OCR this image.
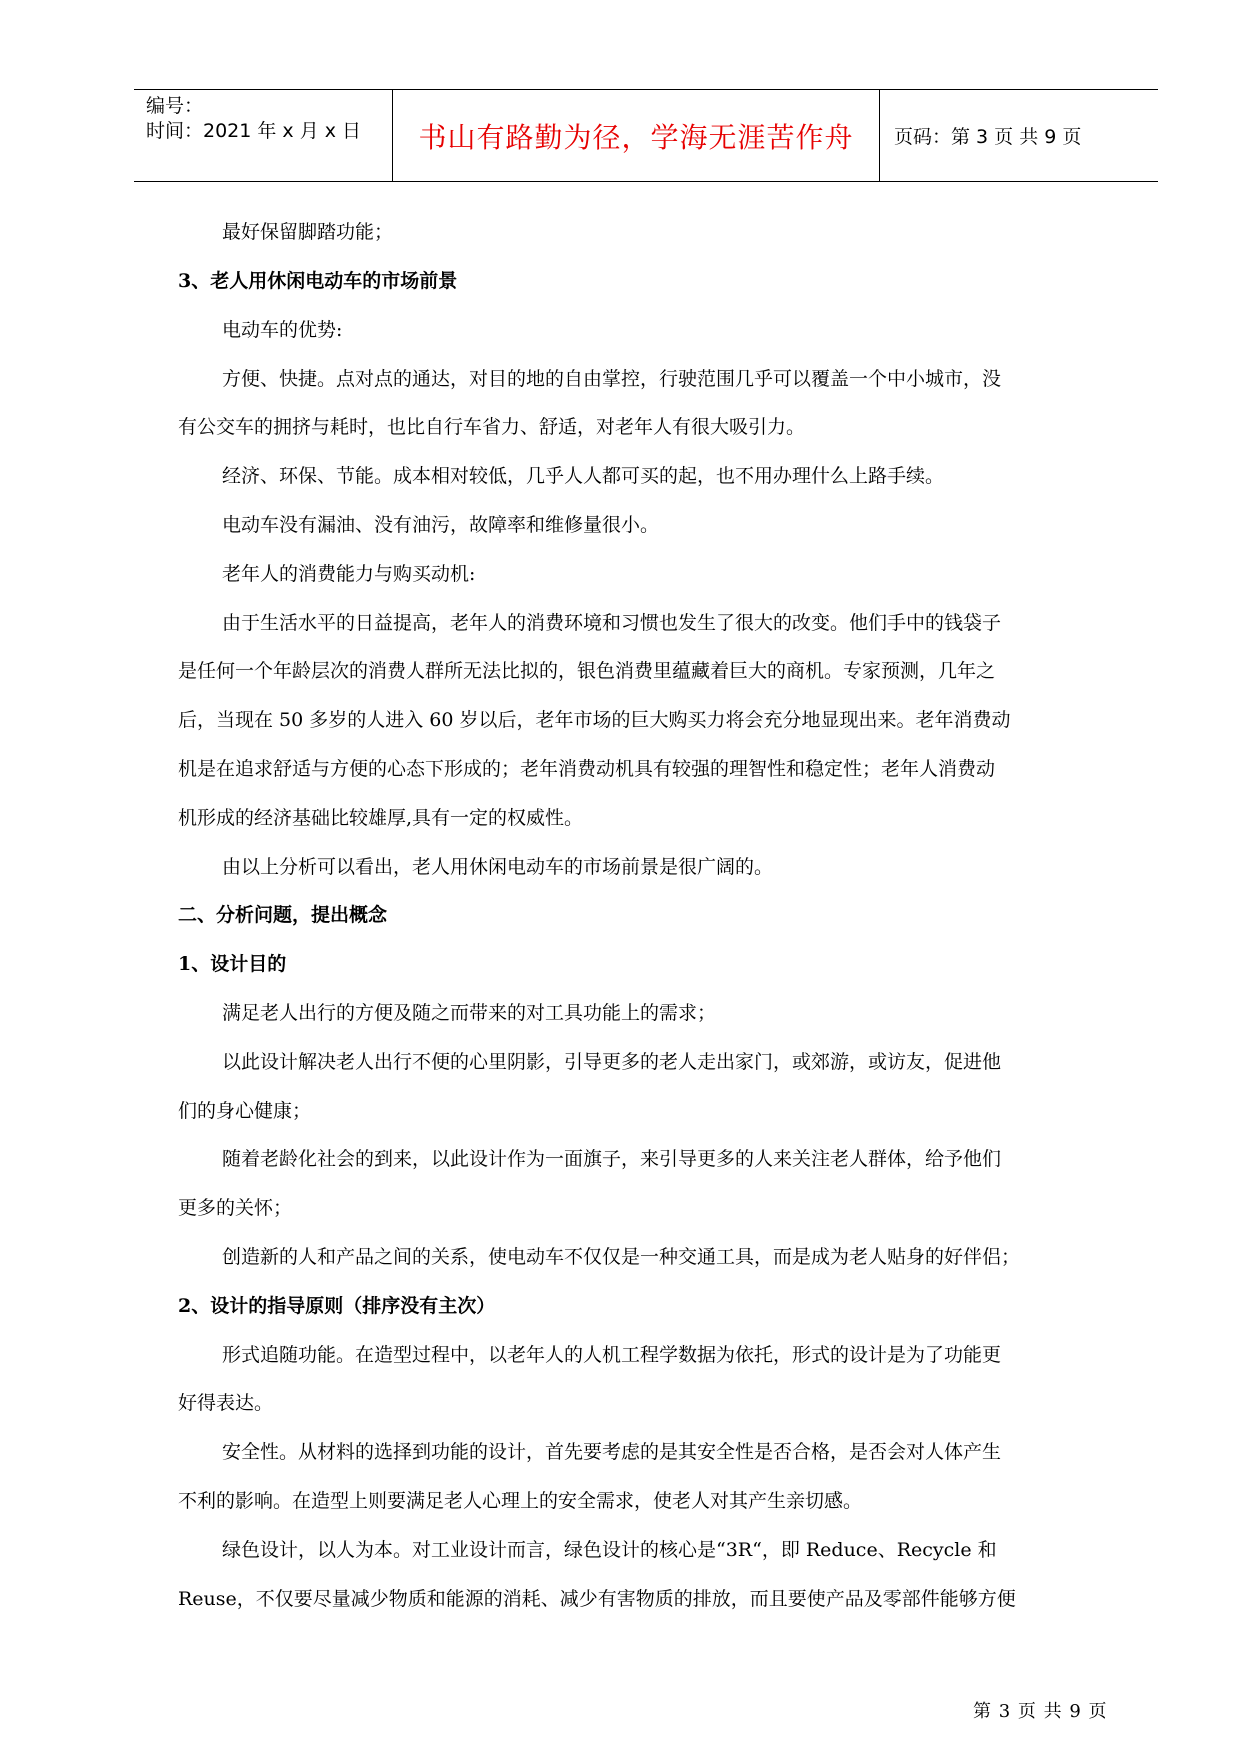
编号：
时间：2021 年 x 月 x 日 书山有路勤为径，学海无涯苦作舟 页码：第 3 页 共 9 页
最好保留脚踏功能；
3、老人用休闲电动车的市场前景
电动车的优势:
方便、快捷。点对点的通达，对目的地的自由掌控，行驶范围几乎可以覆盖一个中小城市，没
有公交车的拥挤与耗时，也比自行车省力、舒适，对老年人有很大吸引力。
经济、环保、节能。成本相对较低，几乎人人都可买的起，也不用办理什么上路手续。
电动车没有漏油、没有油污，故障率和维修量很小。
老年人的消费能力与购买动机:
由于生活水平的日益提高，老年人的消费环境和习惯也发生了很大的改变。他们手中的钱袋子
是任何一个年龄层次的消费人群所无法比拟的，银色消费里蕴藏着巨大的商机。专家预测，几年之
后，当现在 50 多岁的人进入 60 岁以后，老年市场的巨大购买力将会充分地显现出来。老年消费动
机是在追求舒适与方便的心态下形成的；老年消费动机具有较强的理智性和稳定性；老年人消费动
机形成的经济基础比较雄厚,具有一定的权威性。
由以上分析可以看出，老人用休闲电动车的市场前景是很广阔的。
二、分析问题，提出概念
1、设计目的
满足老人出行的方便及随之而带来的对工具功能上的需求；
以此设计解决老人出行不便的心里阴影，引导更多的老人走出家门，或郊游，或访友，促进他
们的身心健康；
随着老龄化社会的到来，以此设计作为一面旗子，来引导更多的人来关注老人群体，给予他们
更多的关怀；
创造新的人和产品之间的关系，使电动车不仅仅是一种交通工具，而是成为老人贴身的好伴侣；
2、设计的指导原则（排序没有主次）
形式追随功能。在造型过程中，以老年人的人机工程学数据为依托，形式的设计是为了功能更
好得表达。
安全性。从材料的选择到功能的设计，首先要考虑的是其安全性是否合格，是否会对人体产生
不利的影响。在造型上则要满足老人心理上的安全需求，使老人对其产生亲切感。
绿色设计，以人为本。对工业设计而言，绿色设计的核心是“3R“，即 Reduce、Recycle 和
Reuse，不仅要尽量减少物质和能源的消耗、减少有害物质的排放，而且要使产品及零部件能够方便
第 3 页 共 9 页
